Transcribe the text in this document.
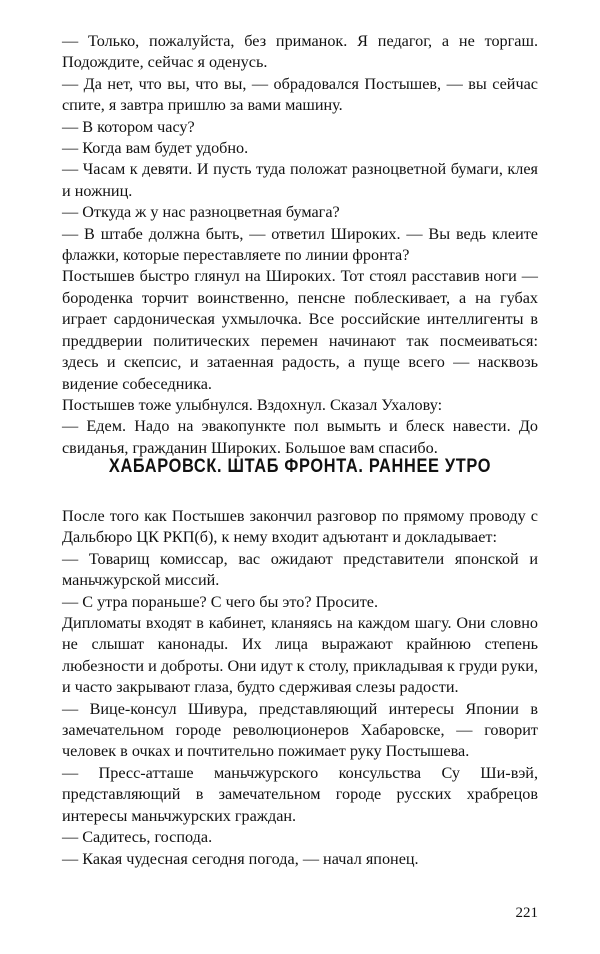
— Только, пожалуйста, без приманок. Я педагог, а не торгаш. Подождите, сейчас я оденусь.

— Да нет, что вы, что вы, — обрадовался Постышев, — вы сейчас спите, я завтра пришлю за вами машину.

— В котором часу?

— Когда вам будет удобно.

— Часам к девяти. И пусть туда положат разноцветной бумаги, клея и ножниц.

— Откуда ж у нас разноцветная бумага?

— В штабе должна быть, — ответил Широких. — Вы ведь клеите флажки, которые переставляете по линии фронта?

Постышев быстро глянул на Широких. Тот стоял расставив ноги — бороденка торчит воинственно, пенсне поблескивает, а на губах играет сардоническая ухмылочка. Все российские интеллигенты в преддверии политических перемен начинают так посмеиваться: здесь и скепсис, и затаенная радость, а пуще всего — насквозь видение собеседника.

Постышев тоже улыбнулся. Вздохнул. Сказал Ухалову:

— Едем. Надо на эвакопункте пол вымыть и блеск навести. До свиданья, гражданин Широких. Большое вам спасибо.

ХАБАРОВСК. ШТАБ ФРОНТА. РАННЕЕ УТРО

После того как Постышев закончил разговор по прямому проводу с Дальбюро ЦК РКП(б), к нему входит адъютант и докладывает:

— Товарищ комиссар, вас ожидают представители японской и маньчжурской миссий.

— С утра пораньше? С чего бы это? Просите.

Дипломаты входят в кабинет, кланяясь на каждом шагу. Они словно не слышат канонады. Их лица выражают крайнюю степень любезности и доброты. Они идут к столу, прикладывая к груди руки, и часто закрывают глаза, будто сдерживая слезы радости.

— Вице-консул Шивура, представляющий интересы Японии в замечательном городе революционеров Хабаровске, — говорит человек в очках и почтительно пожимает руку Постышева.

— Пресс-атташе маньчжурского консульства Су Ши-вэй, представляющий в замечательном городе русских храбрецов интересы маньчжурских граждан.

— Садитесь, господа.

— Какая чудесная сегодня погода, — начал японец.

221
